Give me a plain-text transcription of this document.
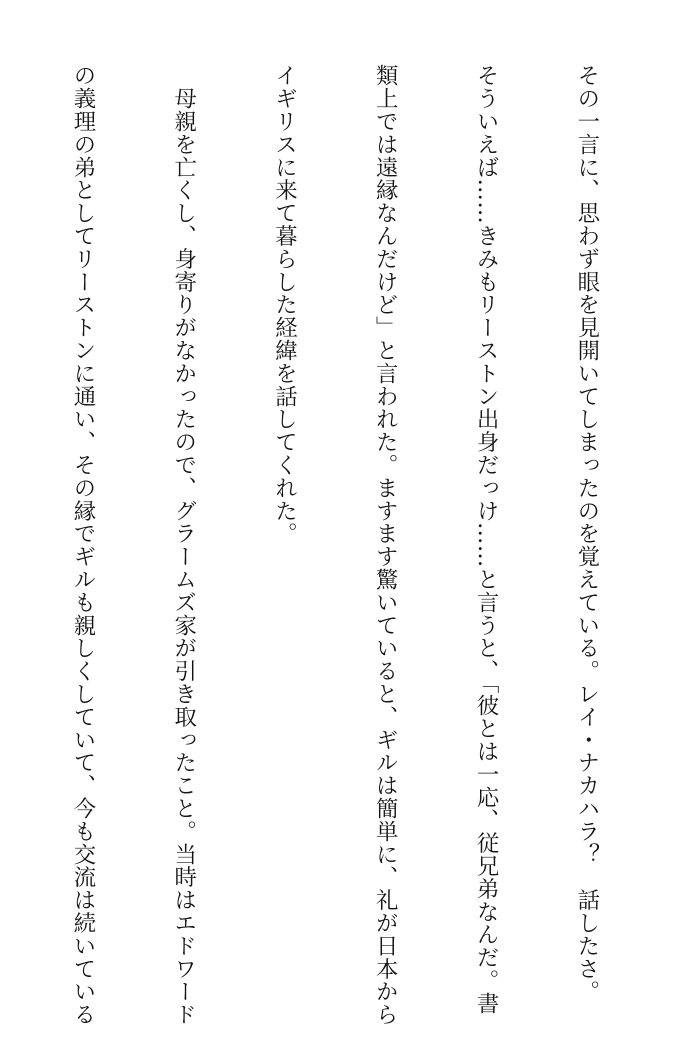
その一言に、思わず眼を見開いてしまったのを覚えている。レイ・ナカハラ？　話したさ。

そういえば……きみもリーストン出身だっけ……と言うと、「彼とは一応、従兄弟なんだ。書

類上では遠縁なんだけど」と言われた。ますます驚いていると、ギルは簡単に、礼が日本から

イギリスに来て暮らした経緯を話してくれた。

　母親を亡くし、身寄りがなかったので、グラームズ家が引き取ったこと。当時はエドワード

の義理の弟としてリーストンに通い、その縁でギルも親しくしていて、今も交流は続いている
